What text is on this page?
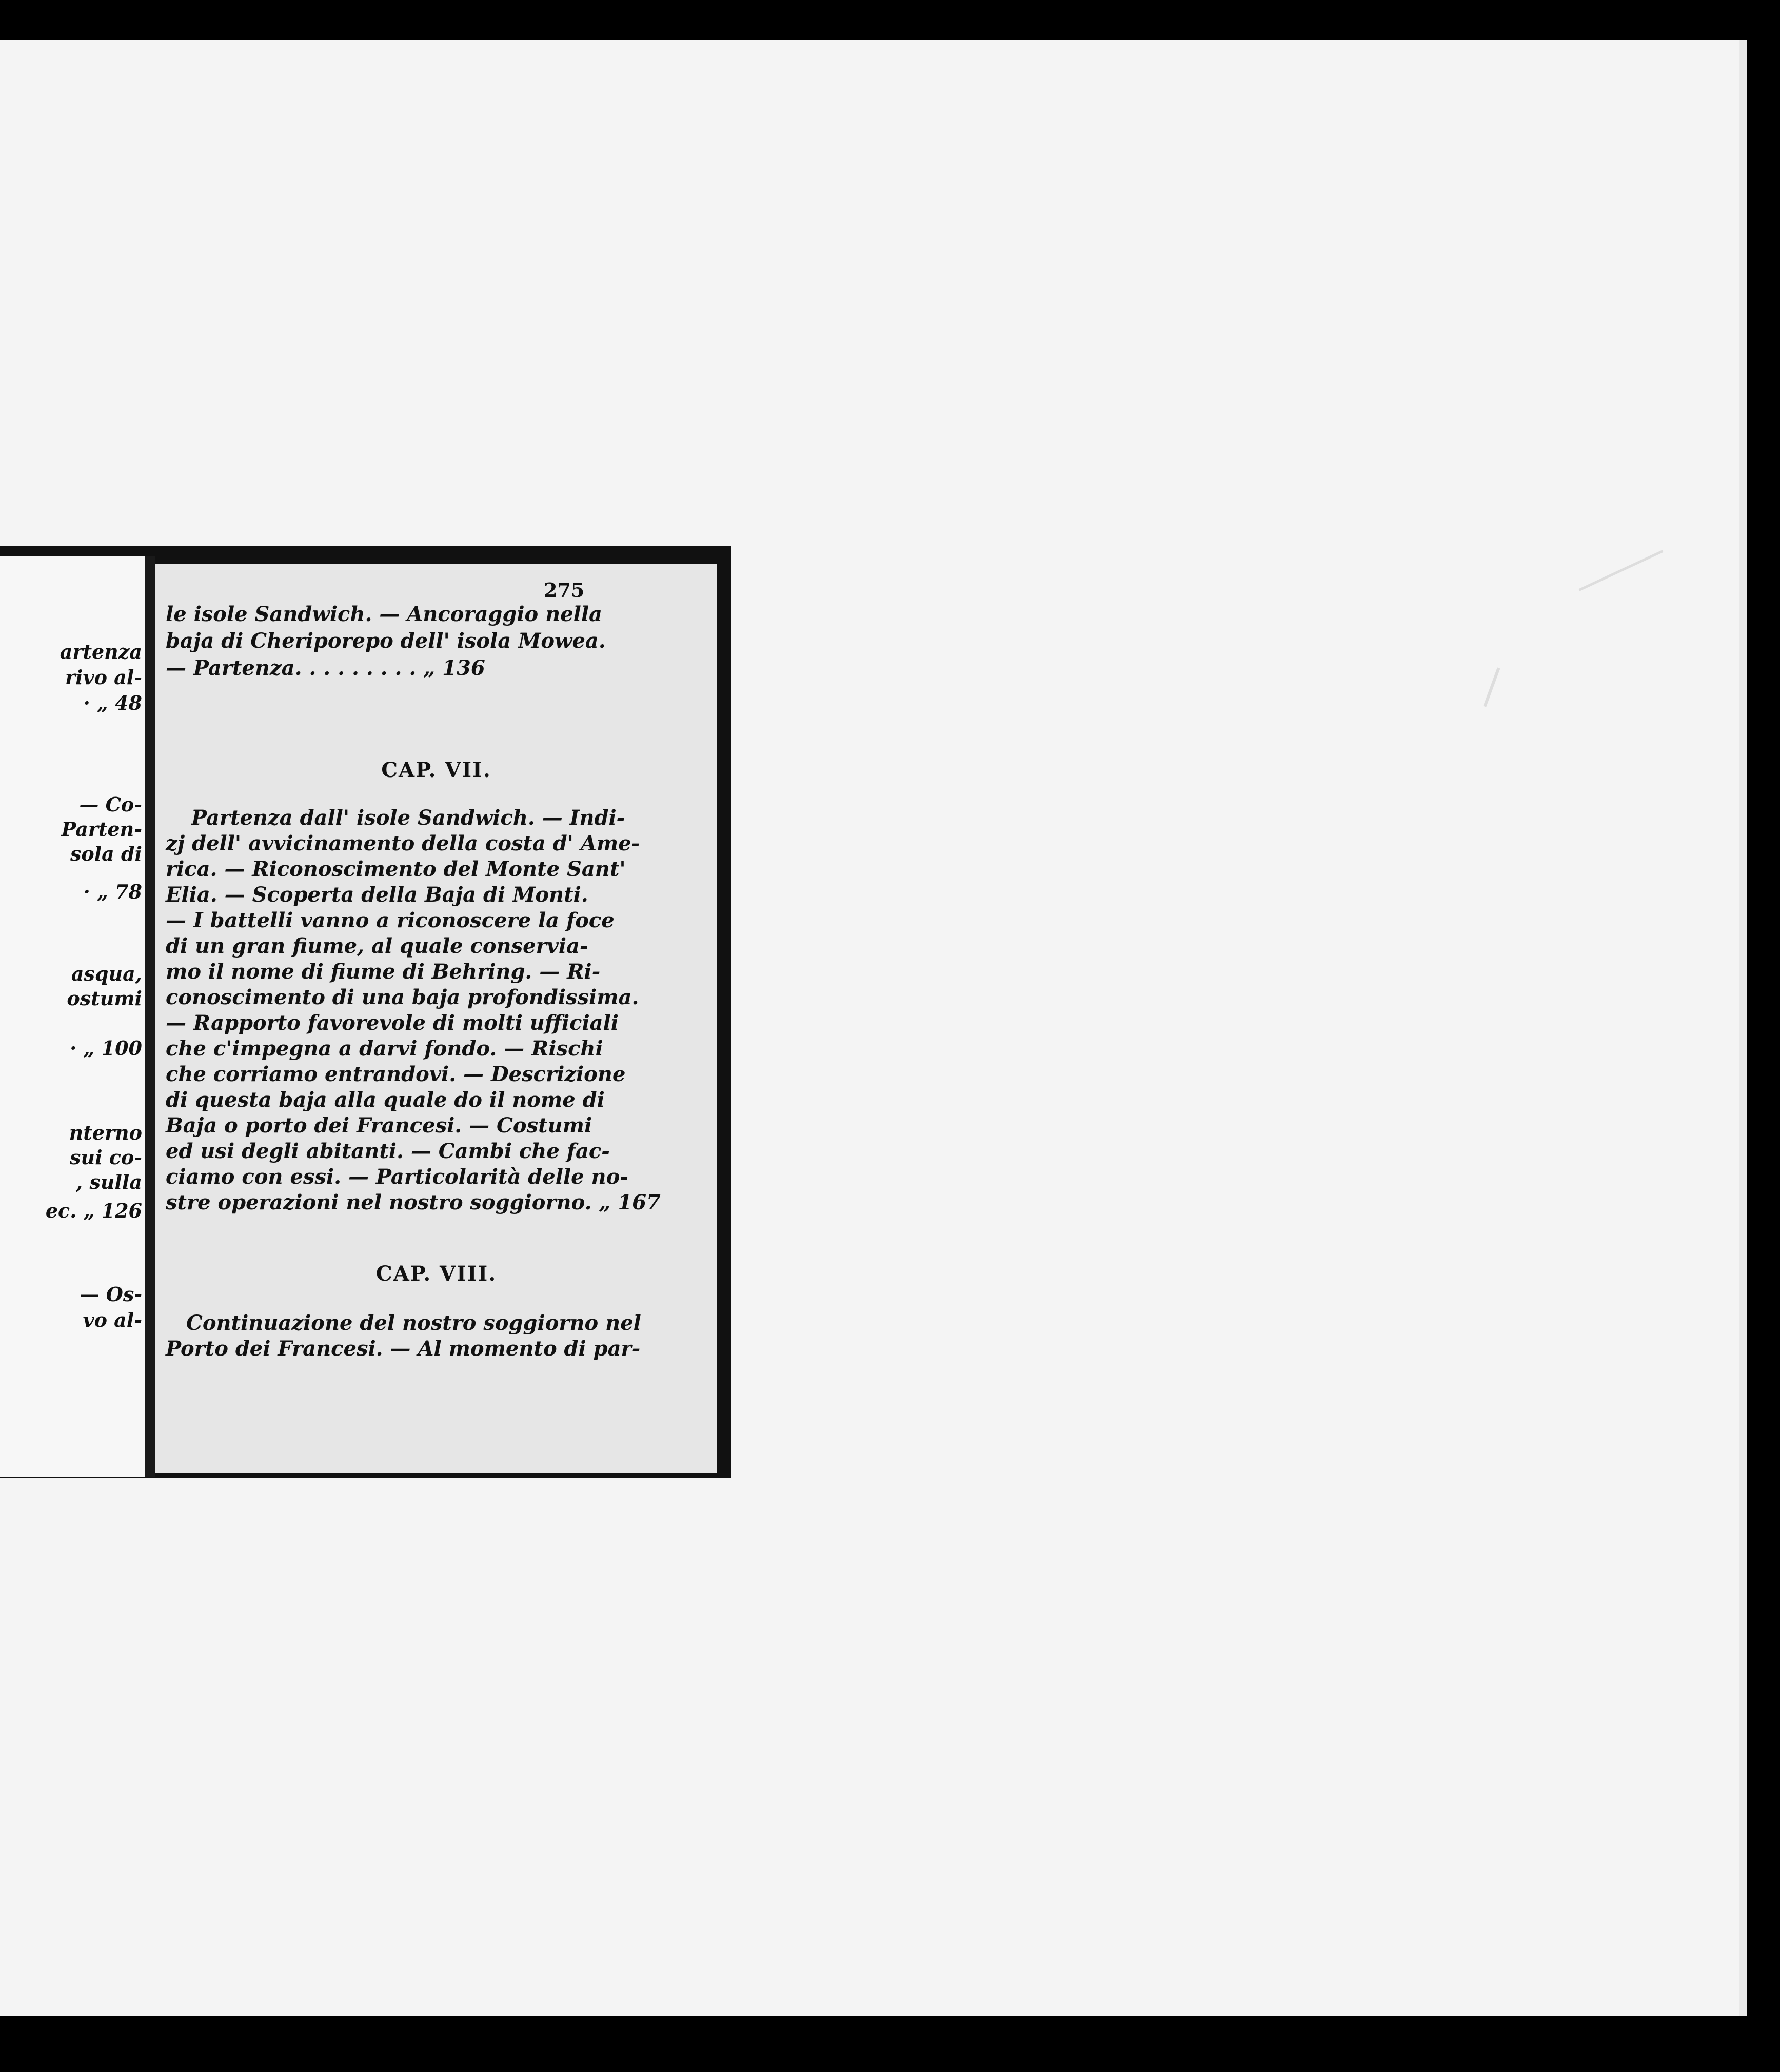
artenza
rivo al-
· „ 48
— Co-
Parten-
sola di
· „ 78
asqua,
ostumi
· „ 100
nterno
sui co-
, sulla
ec. „ 126
— Os-
vo al-
275
le isole Sandwich. — Ancoraggio nella
baja di Cheriporepo dell' isola Mowea.
— Partenza. . . . . . . . . „ 136
CAP. VII.
Partenza dall' isole Sandwich. — Indi-
zj dell' avvicinamento della costa d' Ame-
rica. — Riconoscimento del Monte Sant'
Elia. — Scoperta della Baja di Monti.
— I battelli vanno a riconoscere la foce
di un gran fiume, al quale conservia-
mo il nome di fiume di Behring. — Ri-
conoscimento di una baja profondissima.
— Rapporto favorevole di molti ufficiali
che c'impegna a darvi fondo. — Rischi
che corriamo entrandovi. — Descrizione
di questa baja alla quale do il nome di
Baja o porto dei Francesi. — Costumi
ed usi degli abitanti. — Cambi che fac-
ciamo con essi. — Particolarità delle no-
stre operazioni nel nostro soggiorno. „ 167
CAP. VIII.
Continuazione del nostro soggiorno nel
Porto dei Francesi. — Al momento di par-
